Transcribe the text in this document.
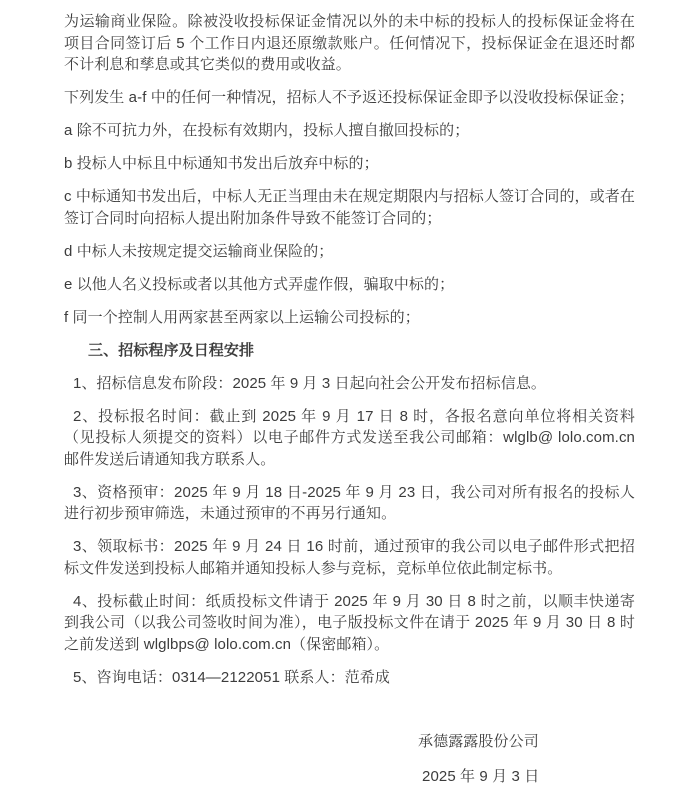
为运输商业保险。除被没收投标保证金情况以外的未中标的投标人的投标保证金将在项目合同签订后 5 个工作日内退还原缴款账户。任何情况下，投标保证金在退还时都不计利息和孳息或其它类似的费用或收益。

下列发生 a-f 中的任何一种情况，招标人不予返还投标保证金即予以没收投标保证金；

a 除不可抗力外，在投标有效期内，投标人擅自撤回投标的；

b 投标人中标且中标通知书发出后放弃中标的；

c 中标通知书发出后，中标人无正当理由未在规定期限内与招标人签订合同的，或者在签订合同时向招标人提出附加条件导致不能签订合同的；

d 中标人未按规定提交运输商业保险的；

e 以他人名义投标或者以其他方式弄虚作假，骗取中标的；

f 同一个控制人用两家甚至两家以上运输公司投标的；

三、招标程序及日程安排

1、招标信息发布阶段：2025 年 9 月 3 日起向社会公开发布招标信息。

2、投标报名时间：截止到 2025 年 9 月 17 日 8 时，各报名意向单位将相关资料（见投标人须提交的资料）以电子邮件方式发送至我公司邮箱：wlglb@ lolo.com.cn 邮件发送后请通知我方联系人。

3、资格预审：2025 年 9 月 18 日-2025 年 9 月 23 日，我公司对所有报名的投标人进行初步预审筛选，未通过预审的不再另行通知。

3、领取标书：2025 年 9 月 24 日 16 时前，通过预审的我公司以电子邮件形式把招标文件发送到投标人邮箱并通知投标人参与竞标，竞标单位依此制定标书。

4、投标截止时间：纸质投标文件请于 2025 年 9 月 30 日 8 时之前，以顺丰快递寄到我公司（以我公司签收时间为准），电子版投标文件在请于 2025 年 9 月 30 日 8 时之前发送到 wlglbps@ lolo.com.cn（保密邮箱）。

5、咨询电话：0314—2122051 联系人：范希成

承德露露股份公司

2025 年 9 月 3 日
